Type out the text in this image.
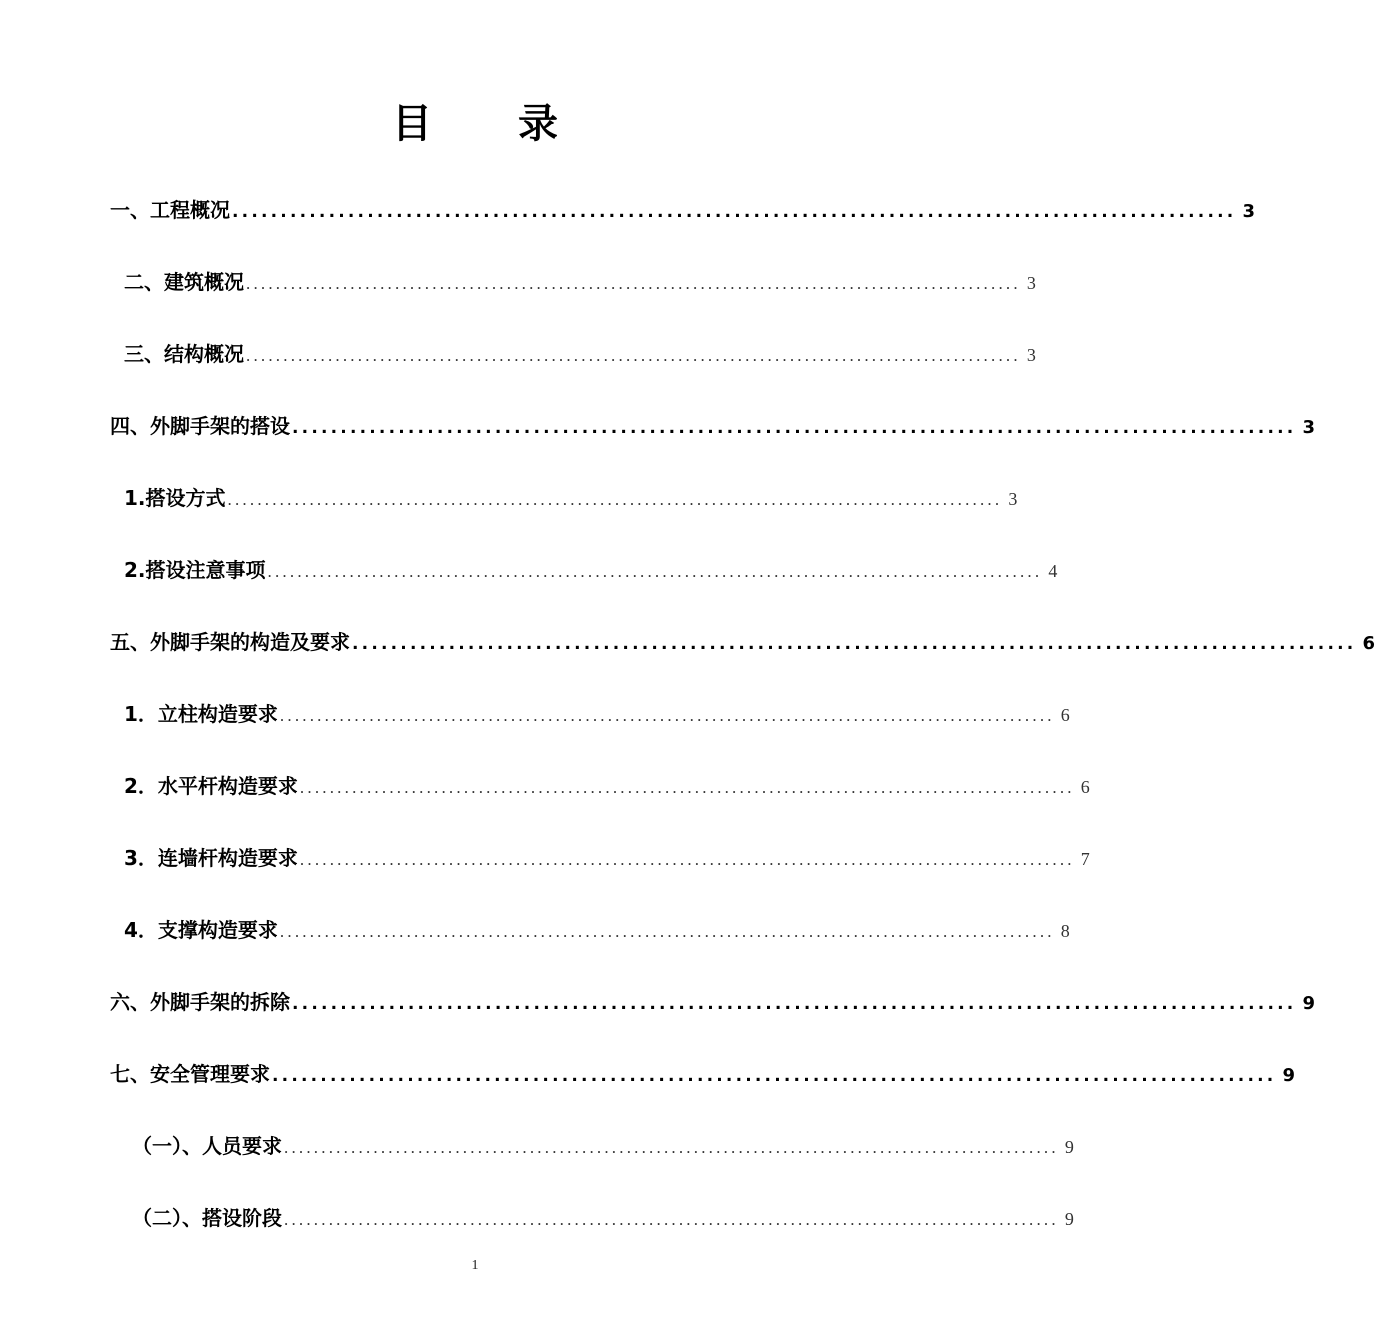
目 录
一、工程概况 ........................................................................................................ 3
二、建筑概况 ........................................................................................................ 3
三、结构概况 ........................................................................................................ 3
四、外脚手架的搭设 ........................................................................................................ 3
1.搭设方式 ........................................................................................................ 3
2.搭设注意事项 ........................................................................................................ 4
五、外脚手架的构造及要求 ........................................................................................................ 6
1．立柱构造要求 ........................................................................................................ 6
2．水平杆构造要求 ........................................................................................................ 6
3．连墙杆构造要求 ........................................................................................................ 7
4．支撑构造要求 ........................................................................................................ 8
六、外脚手架的拆除 ........................................................................................................ 9
七、安全管理要求 ........................................................................................................ 9
（一）、人员要求 ........................................................................................................ 9
（二）、搭设阶段 ........................................................................................................ 9
1
